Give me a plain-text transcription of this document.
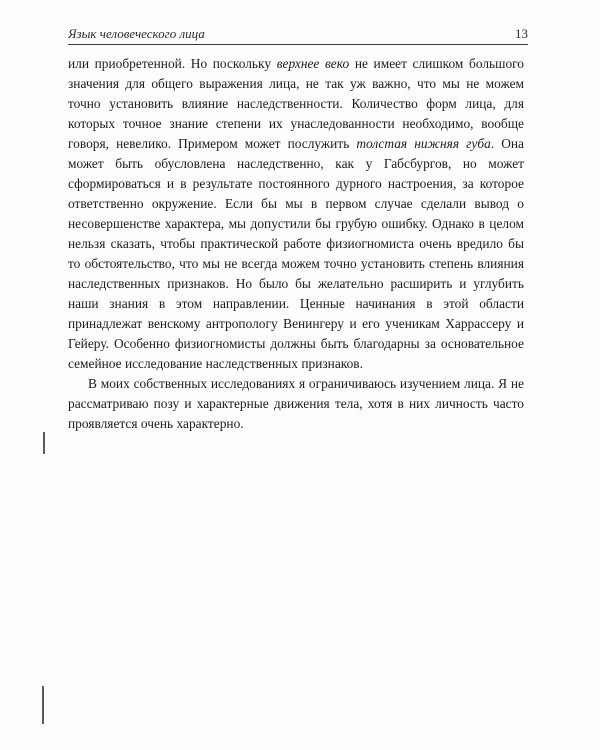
Язык человеческого лица	13

или приобретенной. Но поскольку верхнее веко не имеет слишком большого значения для общего выражения лица, не так уж важно, что мы не можем точно установить влияние наследственности. Количество форм лица, для которых точное знание степени их унаследованности необходимо, вообще говоря, невелико. Примером может послужить толстая нижняя губа. Она может быть обусловлена наследственно, как у Габсбургов, но может сформироваться и в результате постоянного дурного настроения, за которое ответственно окружение. Если бы мы в первом случае сделали вывод о несовершенстве характера, мы допустили бы грубую ошибку. Однако в целом нельзя сказать, чтобы практической работе физиогномиста очень вредило бы то обстоятельство, что мы не всегда можем точно установить степень влияния наследственных признаков. Но было бы желательно расширить и углубить наши знания в этом направлении. Ценные начинания в этой области принадлежат венскому антропологу Венингеру и его ученикам Харрассеру и Гейеру. Особенно физиогномисты должны быть благодарны за основательное семейное исследование наследственных признаков.

В моих собственных исследованиях я ограничиваюсь изучением лица. Я не рассматриваю позу и характерные движения тела, хотя в них личность часто проявляется очень характерно.
